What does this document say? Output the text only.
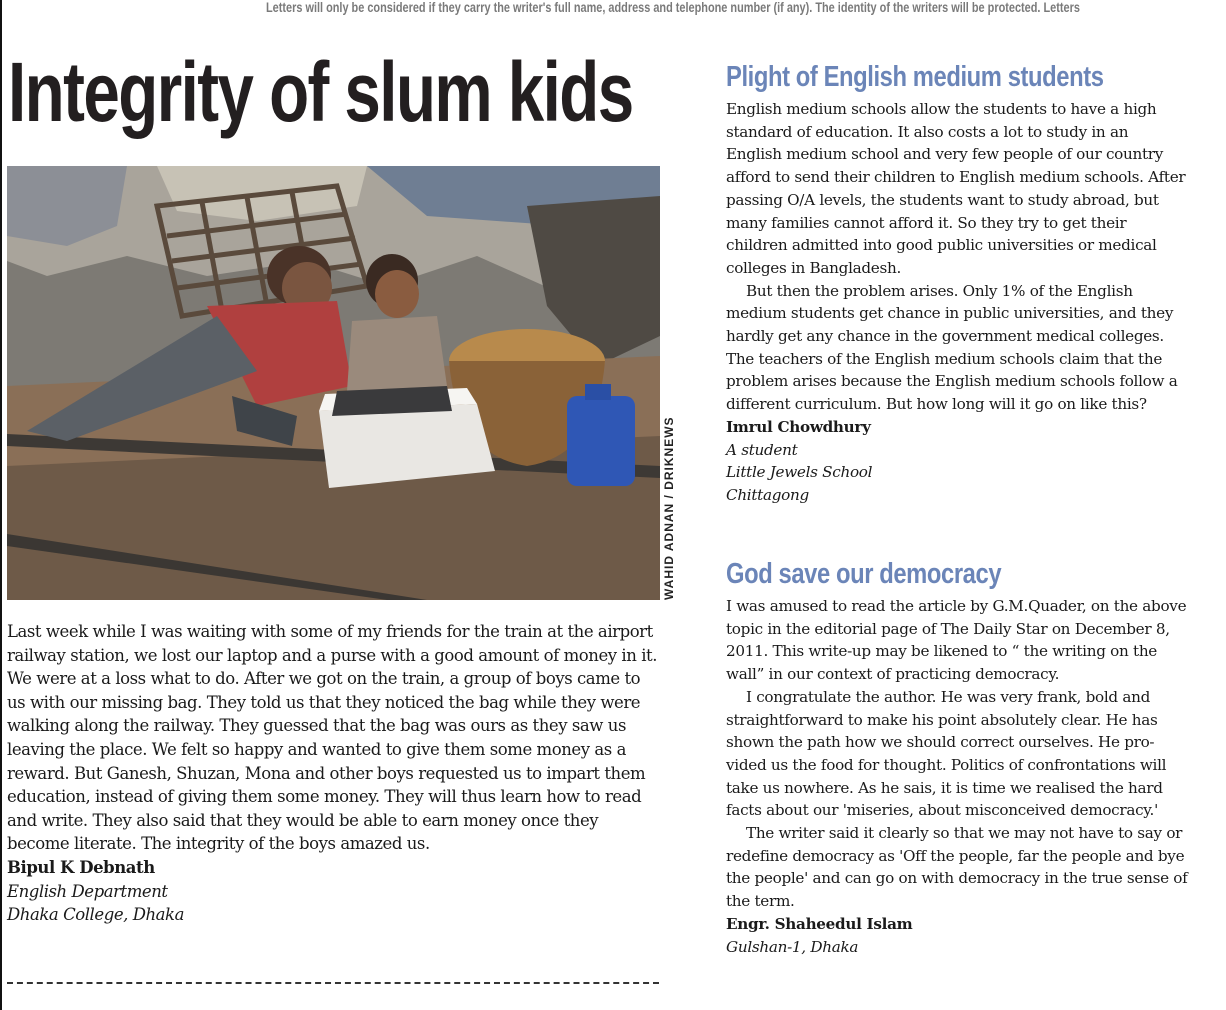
Letters will only be considered if they carry the writer's full name, address and telephone number (if any). The identity of the writers will be protected. Letters
Integrity of slum kids
WAHID ADNAN / DRIKNEWS

Last week while I was waiting with some of my friends for the train at the airport railway station, we lost our laptop and a purse with a good amount of money in it. We were at a loss what to do. After we got on the train, a group of boys came to us with our missing bag. They told us that they noticed the bag while they were walking along the railway. They guessed that the bag was ours as they saw us leaving the place. We felt so happy and wanted to give them some money as a reward. But Ganesh, Shuzan, Mona and other boys requested us to impart them education, instead of giving them some money. They will thus learn how to read and write. They also said that they would be able to earn money once they become literate. The integrity of the boys amazed us.

Bipul K Debnath

English Department

Dhaka College, Dhaka

Plight of English medium students

English medium schools allow the students to have a high standard of education. It also costs a lot to study in an English medium school and very few people of our country afford to send their children to English medium schools. After passing O/A levels, the students want to study abroad, but many families cannot afford it. So they try to get their children admitted into good public universities or medical colleges in Bangladesh.

But then the problem arises. Only 1% of the English medium students get chance in public universities, and they hardly get any chance in the government medical colleges. The teachers of the English medium schools claim that the problem arises because the English medium schools follow a different curriculum. But how long will it go on like this?

Imrul Chowdhury

A student

Little Jewels School

Chittagong

God save our democracy

I was amused to read the article by G.M.Quader, on the above topic in the editorial page of The Daily Star on December 8, 2011. This write-up may be likened to “ the writing on the wall” in our context of practicing democracy.

I congratulate the author. He was very frank, bold and straightforward to make his point absolutely clear. He has shown the path how we should correct ourselves. He provided us the food for thought. Politics of confrontations will take us nowhere. As he sais, it is time we realised the hard facts about our 'miseries, about misconceived democracy.'

The writer said it clearly so that we may not have to say or redefine democracy as 'Off the people, far the people and bye the people' and can go on with democracy in the true sense of the term.

Engr. Shaheedul Islam

Gulshan-1, Dhaka
